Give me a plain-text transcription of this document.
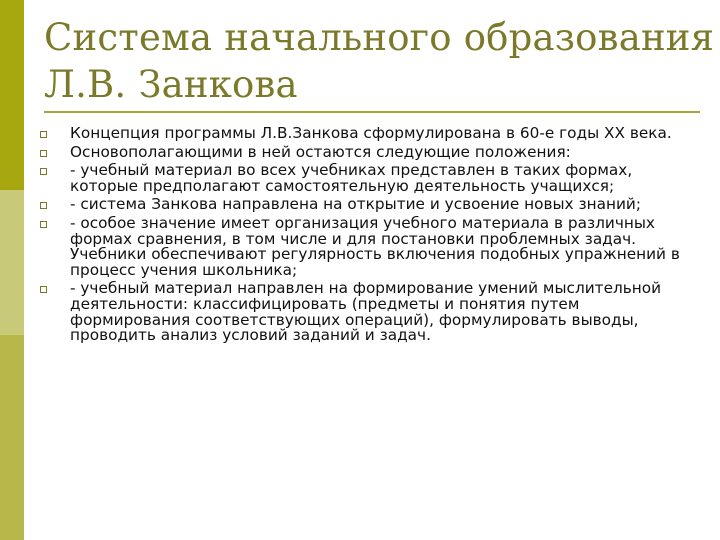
Система начального образования
Л.В. Занкова
Концепция программы Л.В.Занкова сформулирована в 60-е годы XX века.
Основополагающими в ней остаются следующие положения:
- учебный материал во всех учебниках представлен в таких формах, которые предполагают самостоятельную деятельность учащихся;
- система Занкова направлена на открытие и усвоение новых знаний;
- особое значение имеет организация учебного материала в различных формах сравнения, в том числе и для постановки проблемных задач. Учебники обеспечивают регулярность включения подобных упражнений в процесс учения школьника;
- учебный материал направлен на формирование умений мыслительной деятельности: классифицировать (предметы и понятия путем формирования соответствующих операций), формулировать выводы, проводить анализ условий заданий и задач.
